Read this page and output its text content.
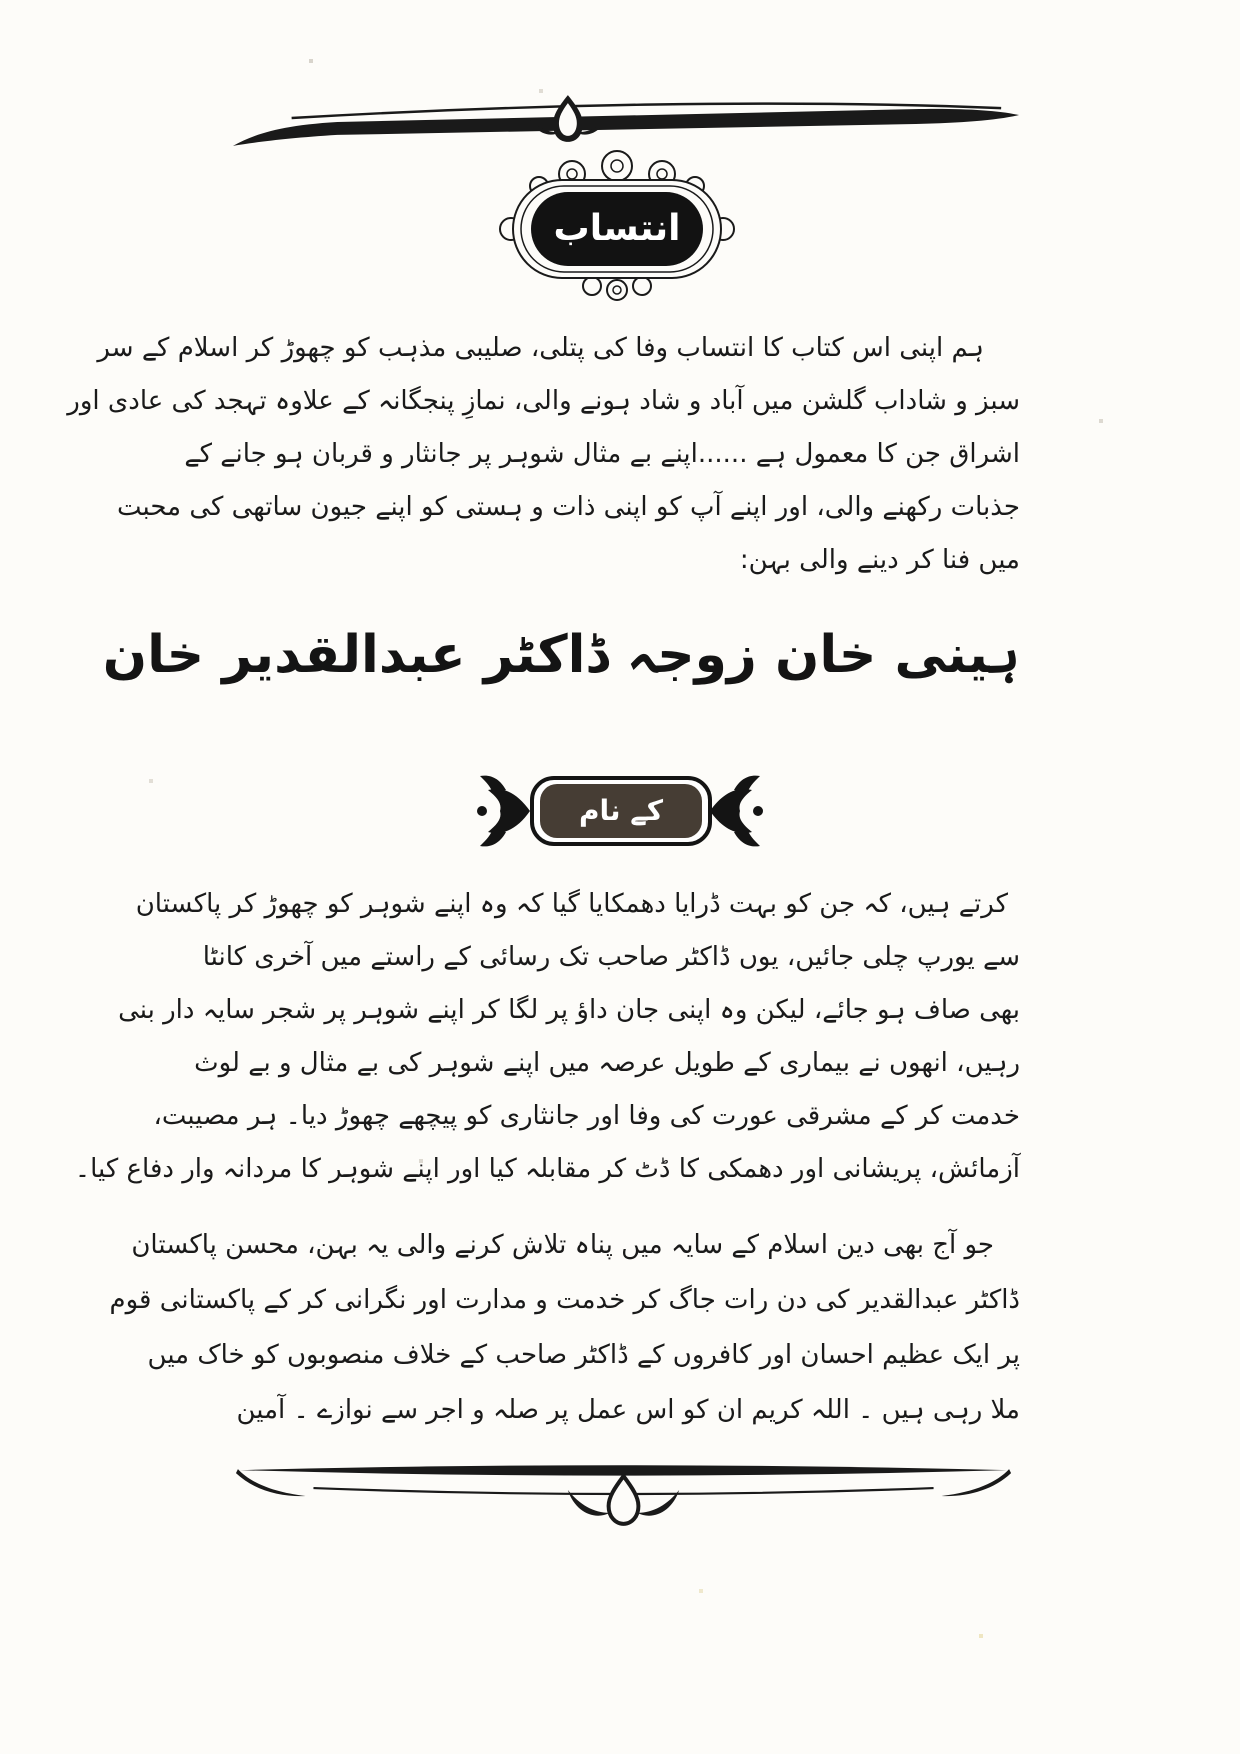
انتساب
ہم اپنی اس کتاب کا انتساب وفا کی پتلی، صلیبی مذہب کو چھوڑ کر اسلام کے سر
سبز و شاداب گلشن میں آباد و شاد ہونے والی، نمازِ پنجگانہ کے علاوہ تہجد کی عادی اور
اشراق جن کا معمول ہے ......اپنے بے مثال شوہر پر جانثار و قربان ہو جانے کے
جذبات رکھنے والی، اور اپنے آپ کو اپنی ذات و ہستی کو اپنے جیون ساتھی کی محبت
میں فنا کر دینے والی بہن:
ہینی خان زوجہ ڈاکٹر عبدالقدیر خان
کے نام
کرتے ہیں، کہ جن کو بہت ڈرایا دھمکایا گیا کہ وہ اپنے شوہر کو چھوڑ کر پاکستان
سے یورپ چلی جائیں، یوں ڈاکٹر صاحب تک رسائی کے راستے میں آخری کانٹا
بھی صاف ہو جائے، لیکن وہ اپنی جان داؤ پر لگا کر اپنے شوہر پر شجر سایہ دار بنی
رہیں، انھوں نے بیماری کے طویل عرصہ میں اپنے شوہر کی بے مثال و بے لوث
خدمت کر کے مشرقی عورت کی وفا اور جانثاری کو پیچھے چھوڑ دیا۔ ہر مصیبت،
آزمائش، پریشانی اور دھمکی کا ڈٹ کر مقابلہ کیا اور اپنے شوہر کا مردانہ وار دفاع کیا۔
جو آج بھی دین اسلام کے سایہ میں پناہ تلاش کرنے والی یہ بہن، محسن پاکستان
ڈاکٹر عبدالقدیر کی دن رات جاگ کر خدمت و مدارت اور نگرانی کر کے پاکستانی قوم
پر ایک عظیم احسان اور کافروں کے ڈاکٹر صاحب کے خلاف منصوبوں کو خاک میں
ملا رہی ہیں ۔ اللہ کریم ان کو اس عمل پر صلہ و اجر سے نوازے ۔ آمین
